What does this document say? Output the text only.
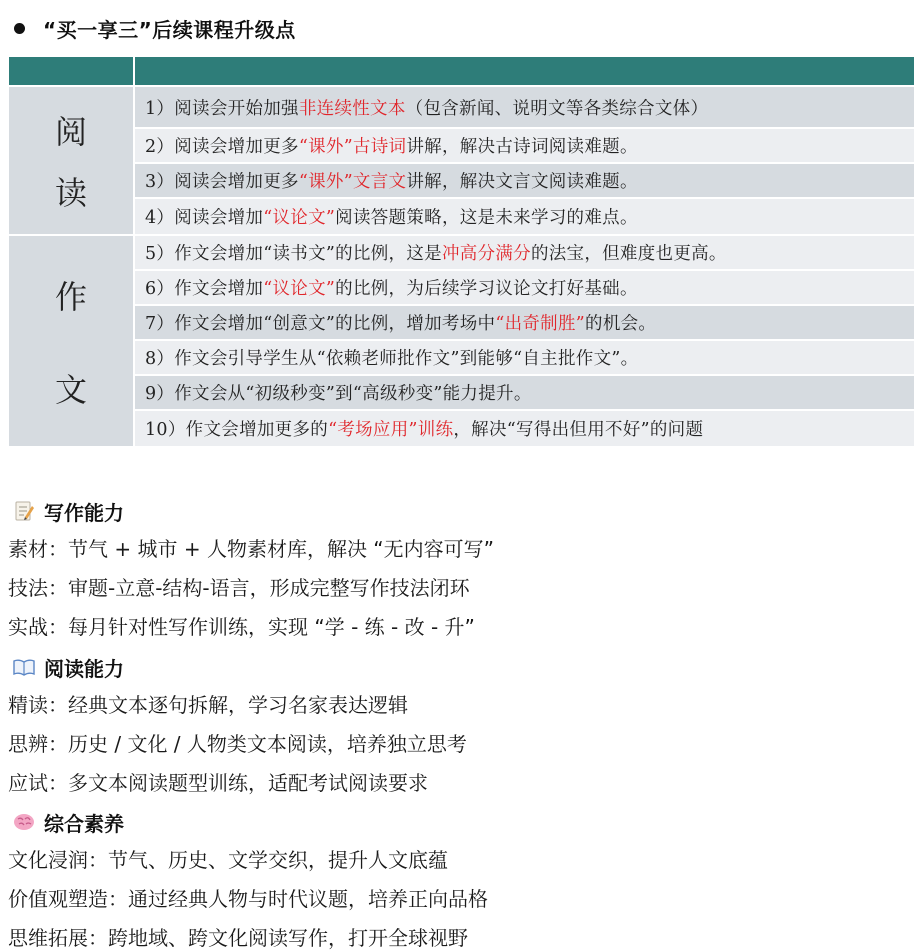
“买一享三”后续课程升级点
阅
读
1）阅读会开始加强 非连续性文本 （包含新闻、说明文等各类综合文体）
2）阅读会增加更多 “课外”古诗词 讲解，解决古诗词阅读难题。
3）阅读会增加更多 “课外”文言文 讲解，解决文言文阅读难题。
4）阅读会增加 “议论文” 阅读答题策略，这是未来学习的难点。
作
文
5）作文会增加“读书文”的比例，这是 冲高分满分 的法宝，但难度也更高。
6）作文会增加 “议论文” 的比例，为后续学习议论文打好基础。
7）作文会增加“创意文”的比例，增加考场中 “出奇制胜” 的机会。
8）作文会引导学生从“依赖老师批作文”到能够“自主批作文”。
9）作文会从“初级秒变”到“高级秒变”能力提升。
10）作文会增加更多的 “考场应用”训练 ，解决“写得出但用不好”的问题
写作能力
素材：节气 + 城市 + 人物素材库，解决 “无内容可写”
技法：审题-立意-结构-语言，形成完整写作技法闭环
实战：每月针对性写作训练，实现 “学 - 练 - 改 - 升”
阅读能力
精读：经典文本逐句拆解，学习名家表达逻辑
思辨：历史 / 文化 / 人物类文本阅读，培养独立思考
应试：多文本阅读题型训练，适配考试阅读要求
综合素养
文化浸润：节气、历史、文学交织，提升人文底蕴
价值观塑造：通过经典人物与时代议题，培养正向品格
思维拓展：跨地域、跨文化阅读写作，打开全球视野
